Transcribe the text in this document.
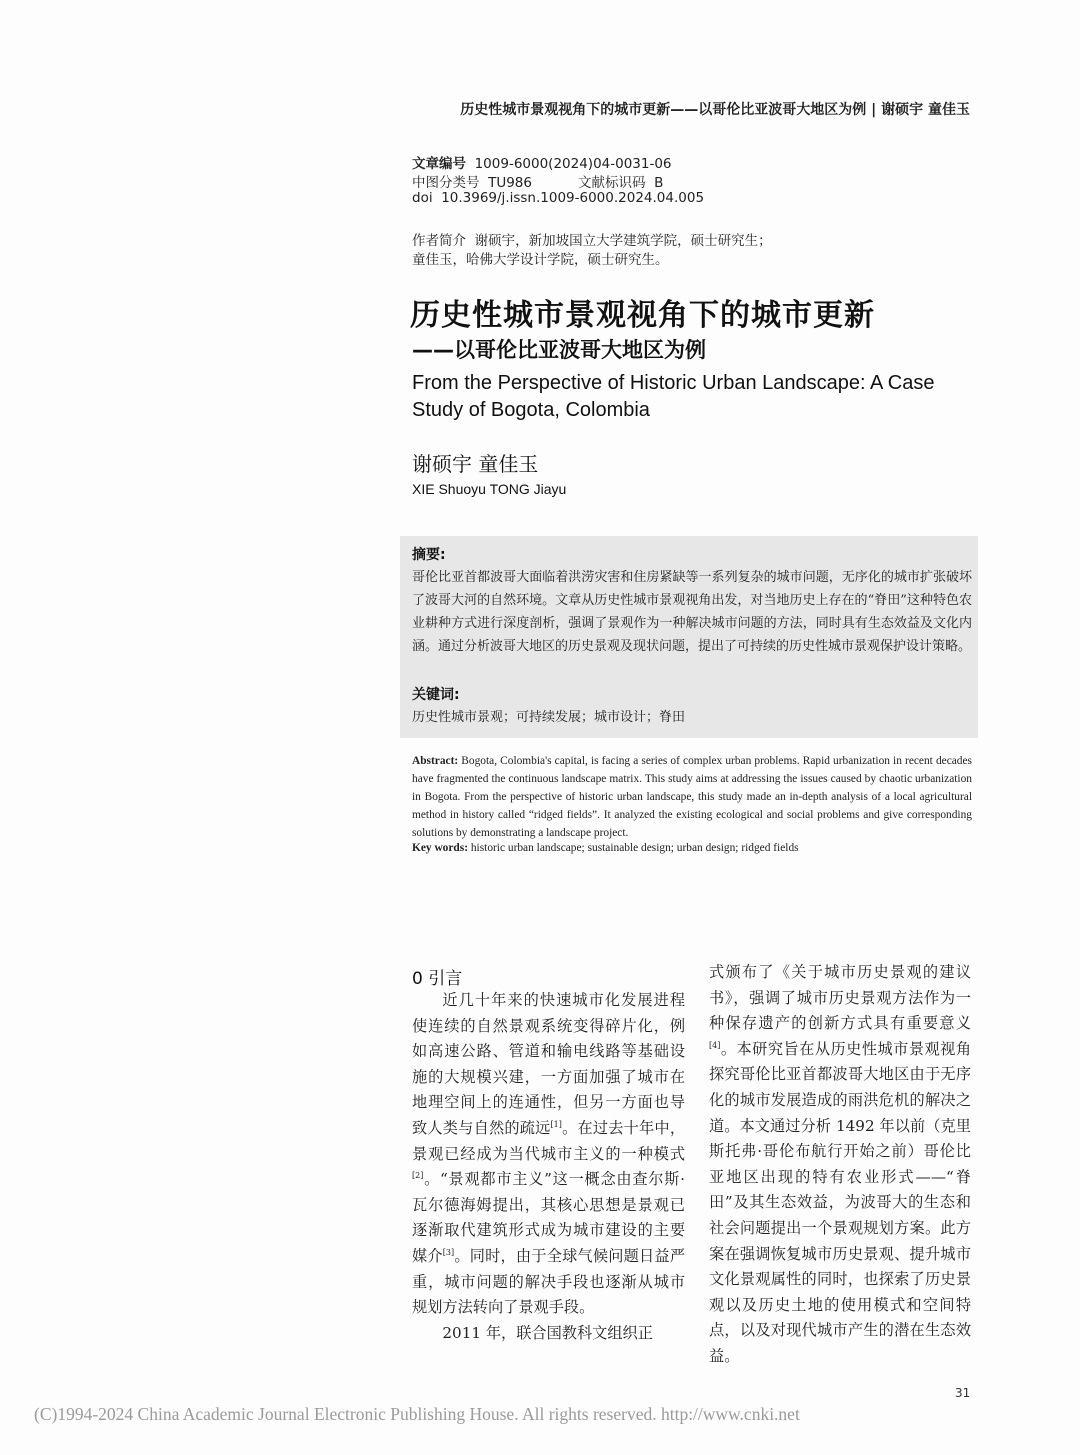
历史性城市景观视角下的城市更新——以哥伦比亚波哥大地区为例 | 谢硕宇 童佳玉
文章编号 1009-6000(2024)04-0031-06
中图分类号 TU986	文献标识码 B
doi 10.3969/j.issn.1009-6000.2024.04.005
作者简介 谢硕宇，新加坡国立大学建筑学院，硕士研究生；
童佳玉，哈佛大学设计学院，硕士研究生。
历史性城市景观视角下的城市更新
——以哥伦比亚波哥大地区为例
From the Perspective of Historic Urban Landscape: A Case Study of Bogota, Colombia
谢硕宇 童佳玉
XIE Shuoyu TONG Jiayu
摘要:
哥伦比亚首都波哥大面临着洪涝灾害和住房紧缺等一系列复杂的城市问题，无序化的城市扩张破坏了波哥大河的自然环境。文章从历史性城市景观视角出发，对当地历史上存在的“脊田”这种特色农业耕种方式进行深度剖析，强调了景观作为一种解决城市问题的方法，同时具有生态效益及文化内涵。通过分析波哥大地区的历史景观及现状问题，提出了可持续的历史性城市景观保护设计策略。
关键词:
历史性城市景观；可持续发展；城市设计；脊田
Abstract: Bogota, Colombia's capital, is facing a series of complex urban problems. Rapid urbanization in recent decades have fragmented the continuous landscape matrix. This study aims at addressing the issues caused by chaotic urbanization in Bogota. From the perspective of historic urban landscape, this study made an in-depth analysis of a local agricultural method in history called “ridged fields”. It analyzed the existing ecological and social problems and give corresponding solutions by demonstrating a landscape project.
Key words: historic urban landscape; sustainable design; urban design; ridged fields
0 引言

近几十年来的快速城市化发展进程使连续的自然景观系统变得碎片化，例如高速公路、管道和输电线路等基础设施的大规模兴建，一方面加强了城市在地理空间上的连通性，但另一方面也导致人类与自然的疏远[1]。在过去十年中，景观已经成为当代城市主义的一种模式[2]。“景观都市主义”这一概念由查尔斯·瓦尔德海姆提出，其核心思想是景观已逐渐取代建筑形式成为城市建设的主要媒介[3]。同时，由于全球气候问题日益严重，城市问题的解决手段也逐渐从城市规划方法转向了景观手段。

2011 年，联合国教科文组织正

式颁布了《关于城市历史景观的建议书》，强调了城市历史景观方法作为一种保存遗产的创新方式具有重要意义[4]。本研究旨在从历史性城市景观视角探究哥伦比亚首都波哥大地区由于无序化的城市发展造成的雨洪危机的解决之道。本文通过分析 1492 年以前（克里斯托弗·哥伦布航行开始之前）哥伦比亚地区出现的特有农业形式——“脊田”及其生态效益，为波哥大的生态和社会问题提出一个景观规划方案。此方案在强调恢复城市历史景观、提升城市文化景观属性的同时，也探索了历史景观以及历史土地的使用模式和空间特点，以及对现代城市产生的潜在生态效益。

31
(C)1994-2024 China Academic Journal Electronic Publishing House. All rights reserved. http://www.cnki.net
